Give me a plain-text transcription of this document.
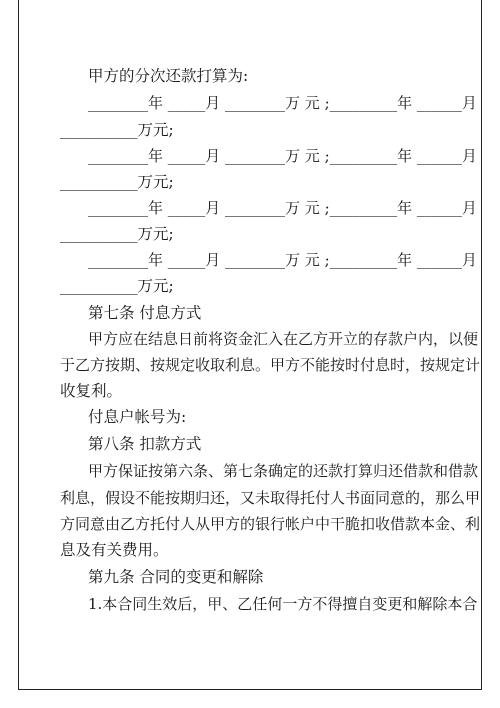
甲方的分次还款打算为:
________年 _____月 ________万 元 ;_________年 ______月
__________万元;
________年 _____月 ________万 元 ;_________年 ______月
__________万元;
________年 _____月 ________万 元 ;_________年 ______月
__________万元;
________年 _____月 ________万 元 ;_________年 ______月
__________万元;
第七条 付息方式
甲方应在结息日前将资金汇入在乙方开立的存款户内，以便
于乙方按期、按规定收取利息。甲方不能按时付息时，按规定计
收复利。
付息户帐号为:
第八条 扣款方式
甲方保证按第六条、第七条确定的还款打算归还借款和借款
利息，假设不能按期归还，又未取得托付人书面同意的，那么甲
方同意由乙方托付人从甲方的银行帐户中干脆扣收借款本金、利
息及有关费用。
第九条 合同的变更和解除
1.本合同生效后，甲、乙任何一方不得擅自变更和解除本合
